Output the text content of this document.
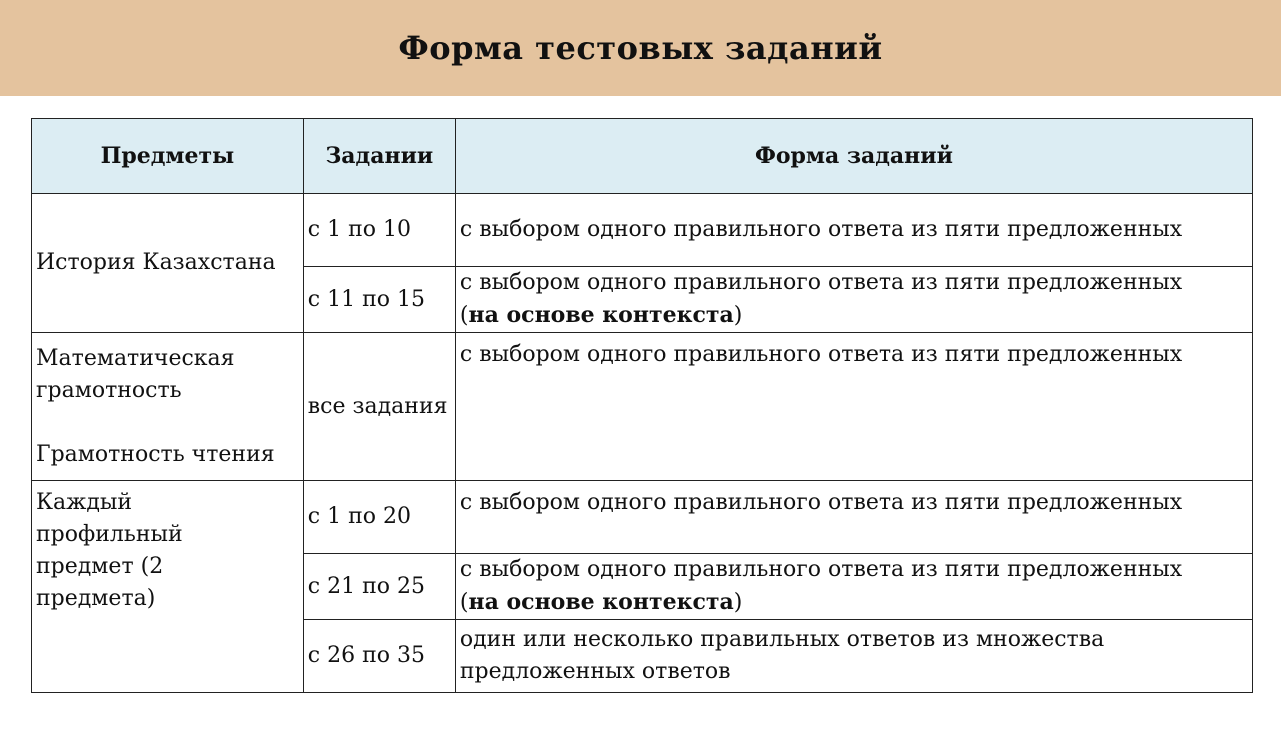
Форма тестовых заданий
Предметы	Задании	Форма заданий
История Казахстана	с 1 по 10	с выбором одного правильного ответа из пяти предложенных
	с 11 по 15	с выбором одного правильного ответа из пяти предложенных
(на основе контекста)

Математическая грамотность
Грамотность чтения	все задания	с выбором одного правильного ответа из пяти предложенных
Каждый профильный предмет (2 предмета)	с 1 по 20	с выбором одного правильного ответа из пяти предложенных
	с 21 по 25	с выбором одного правильного ответа из пяти предложенных
(на основе контекста)
	с 26 по 35	один или несколько правильных ответов из множества предложенных ответов
